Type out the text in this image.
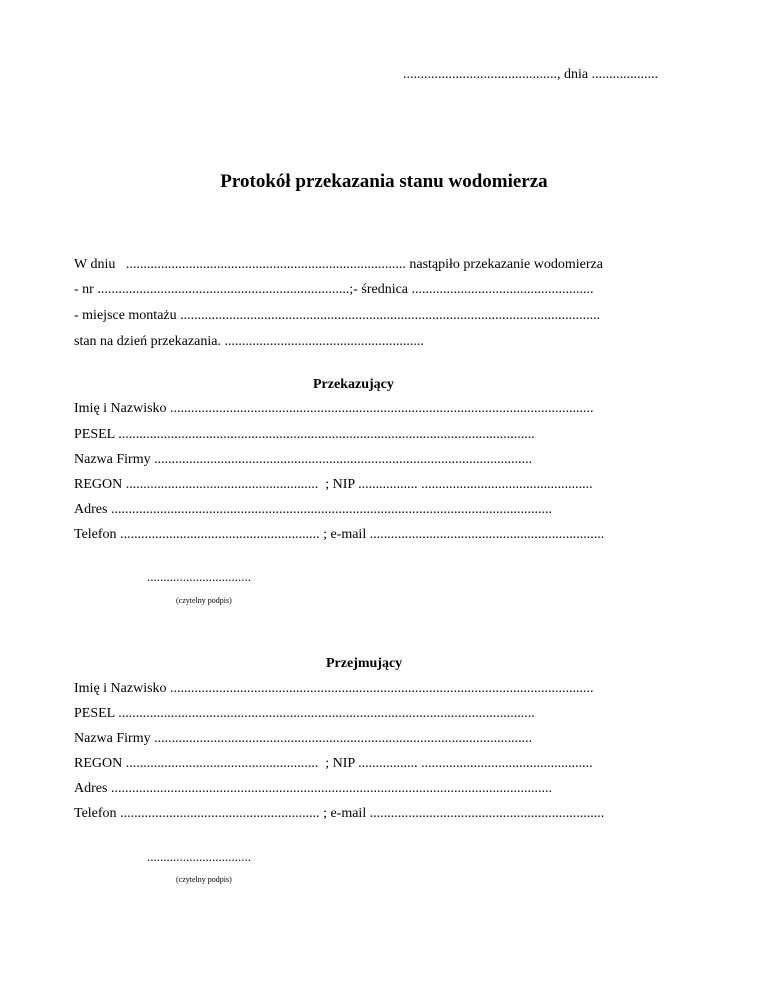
............................................, dnia ...................
Protokół przekazania stanu wodomierza
W dniu ................................................................................ nastąpiło przekazanie wodomierza
- nr ........................................................................;- średnica ....................................................
- miejsce montażu ........................................................................................................................
stan na dzień przekazania. .........................................................
Przekazujący
Imię i Nazwisko .........................................................................................................................
PESEL .......................................................................................................................
Nazwa Firmy ............................................................................................................
REGON ....................................................... ; NIP ................. .................................................
Adres ..............................................................................................................................
Telefon ......................................................... ; e-mail ...................................................................
................................
(czytelny podpis)
Przejmujący
Imię i Nazwisko .........................................................................................................................
PESEL .......................................................................................................................
Nazwa Firmy ............................................................................................................
REGON ....................................................... ; NIP ................. .................................................
Adres ..............................................................................................................................
Telefon ......................................................... ; e-mail ...................................................................
................................
(czytelny podpis)
